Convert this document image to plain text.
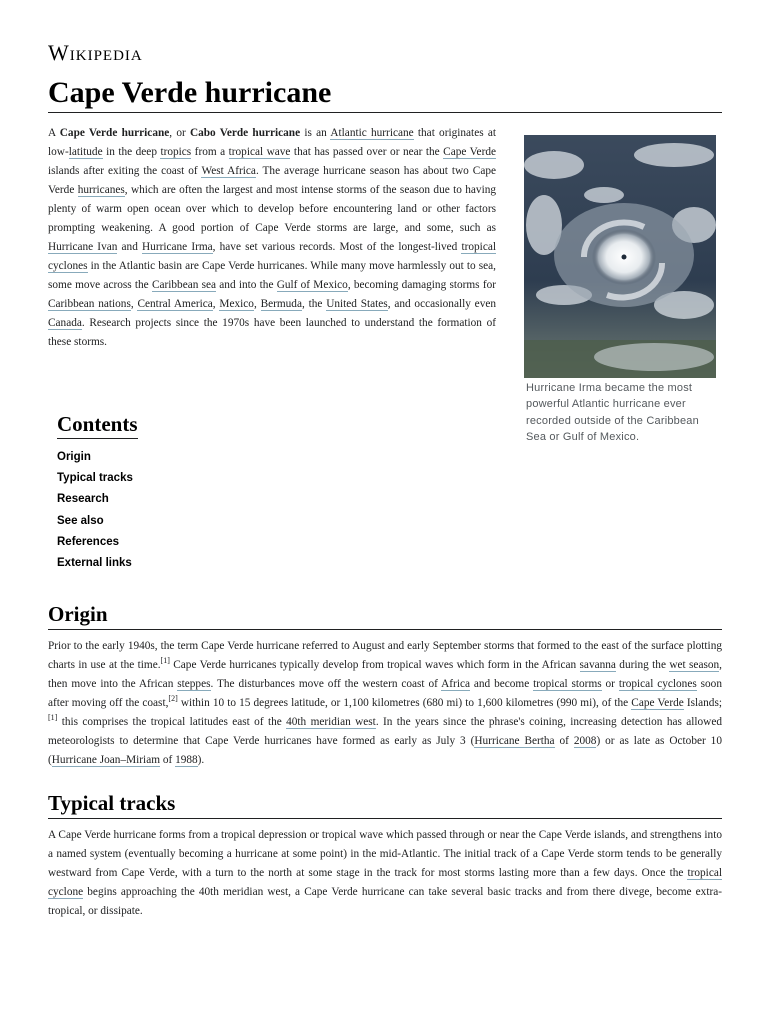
Wikipedia
Cape Verde hurricane

A Cape Verde hurricane, or Cabo Verde hurricane is an Atlantic hurricane that originates at low-latitude in the deep tropics from a tropical wave that has passed over or near the Cape Verde islands after exiting the coast of West Africa. The average hurricane season has about two Cape Verde hurricanes, which are often the largest and most intense storms of the season due to having plenty of warm open ocean over which to develop before encountering land or other factors prompting weakening. A good portion of Cape Verde storms are large, and some, such as Hurricane Ivan and Hurricane Irma, have set various records. Most of the longest-lived tropical cyclones in the Atlantic basin are Cape Verde hurricanes. While many move harmlessly out to sea, some move across the Caribbean sea and into the Gulf of Mexico, becoming damaging storms for Caribbean nations, Central America, Mexico, Bermuda, the United States, and occasionally even Canada. Research projects since the 1970s have been launched to understand the formation of these storms.

Hurricane Irma became the most powerful Atlantic hurricane ever recorded outside of the Caribbean Sea or Gulf of Mexico.
Contents
Origin
Typical tracks
Research
See also
References
External links
Origin

Prior to the early 1940s, the term Cape Verde hurricane referred to August and early September storms that formed to the east of the surface plotting charts in use at the time.[1] Cape Verde hurricanes typically develop from tropical waves which form in the African savanna during the wet season, then move into the African steppes. The disturbances move off the western coast of Africa and become tropical storms or tropical cyclones soon after moving off the coast,[2] within 10 to 15 degrees latitude, or 1,100 kilometres (680 mi) to 1,600 kilometres (990 mi), of the Cape Verde Islands;[1] this comprises the tropical latitudes east of the 40th meridian west. In the years since the phrase's coining, increasing detection has allowed meteorologists to determine that Cape Verde hurricanes have formed as early as July 3 (Hurricane Bertha of 2008) or as late as October 10 (Hurricane Joan–Miriam of 1988).

Typical tracks

A Cape Verde hurricane forms from a tropical depression or tropical wave which passed through or near the Cape Verde islands, and strengthens into a named system (eventually becoming a hurricane at some point) in the mid-Atlantic. The initial track of a Cape Verde storm tends to be generally westward from Cape Verde, with a turn to the north at some stage in the track for most storms lasting more than a few days. Once the tropical cyclone begins approaching the 40th meridian west, a Cape Verde hurricane can take several basic tracks and from there divege, become extra-tropical, or dissipate.
